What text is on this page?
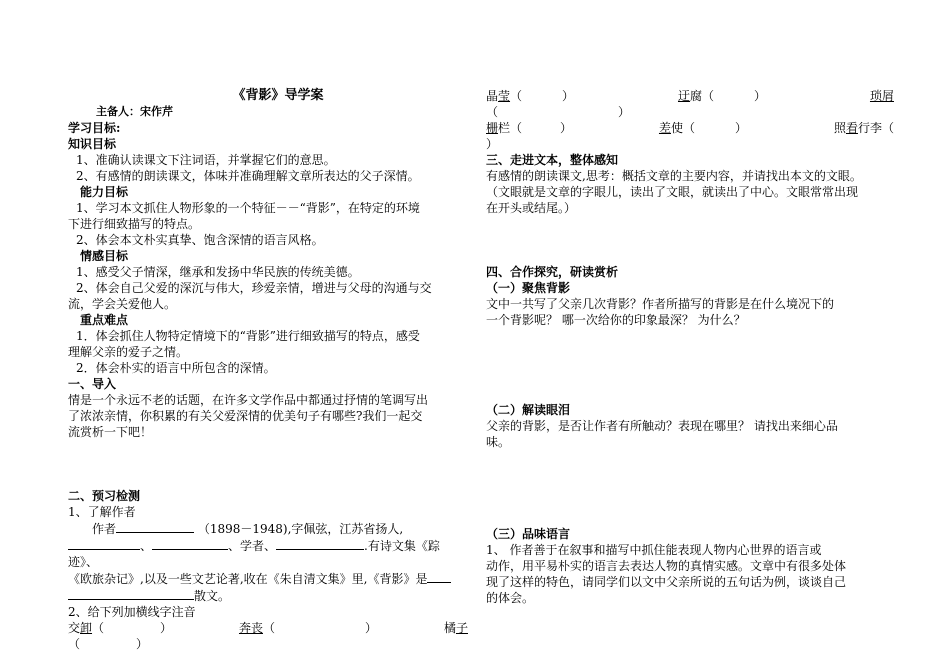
《背影》导学案

主备人：宋作芹

学习目标:

知识目标

1、准确认读课文下注词语，并掌握它们的意思。

2、有感情的朗读课文，体味并准确理解文章所表达的父子深情。

能力目标

1、学习本文抓住人物形象的一个特征－－“背影”，在特定的环境

下进行细致描写的特点。

2、体会本文朴实真挚、饱含深情的语言风格。

情感目标

1、感受父子情深，继承和发扬中华民族的传统美德。

2、体会自己父爱的深沉与伟大，珍爱亲情，增进与父母的沟通与交

流，学会关爱他人。

重点难点

1．体会抓住人物特定情境下的“背影”进行细致描写的特点，感受

理解父亲的爱子之情。

2．体会朴实的语言中所包含的深情。

一、导入

情是一个永远不老的话题，在许多文学作品中都通过抒情的笔调写出

了浓浓亲情，你积累的有关父爱深情的优美句子有哪些?我们一起交

流赏析一下吧！

二、预习检测

1、了解作者

作者	（1898－1948),字佩弦，江苏省扬人,

、	、学者、	.有诗文集《踪迹》、

《欧旅杂记》,以及一些文艺论著,收在《朱自清文集》里,《背影》是

散文。

2、给下列加横线字注音

交卸（	）	奔丧（	）	橘子

（	）

晶莹（	）	迂腐（	）	琐屑

（	）

栅栏（	）	差使（	）	照看行李（

）

三、走进文本，整体感知

有感情的朗读课文,思考：概括文章的主要内容，并请找出本文的文眼。

（文眼就是文章的字眼儿，读出了文眼，就读出了中心。文眼常常出现

在开头或结尾。）

四、合作探究，研读赏析

（一）聚焦背影

文中一共写了父亲几次背影？作者所描写的背影是在什么境况下的

一个背影呢？ 哪一次给你的印象最深？ 为什么？

（二）解读眼泪

父亲的背影，是否让作者有所触动？表现在哪里？ 请找出来细心品

味。

（三）品味语言

1、 作者善于在叙事和描写中抓住能表现人物内心世界的语言或

动作，用平易朴实的语言去表达人物的真情实感。文章中有很多处体

现了这样的特色，请同学们以文中父亲所说的五句话为例，谈谈自己

的体会。
